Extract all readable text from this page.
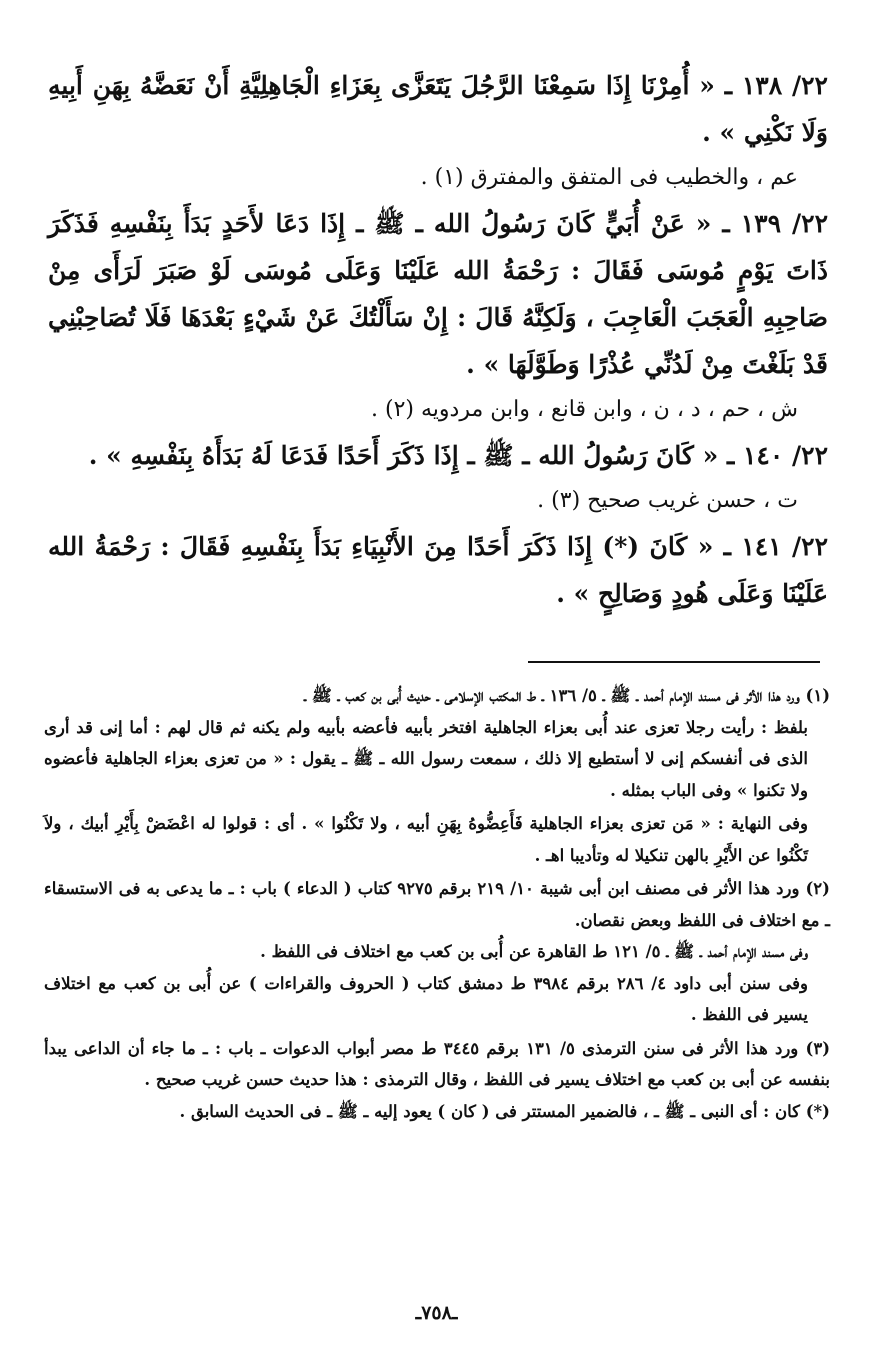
٢٢/ ١٣٨ ـ « أُمِرْنَا إِذَا سَمِعْنَا الرَّجُلَ يَتَعَزَّى بِعَزَاءِ الْجَاهِلِيَّةِ أَنْ نَعَضَّهُ بِهَنِ أَبِيهِ وَلَا نَكْنِي » .

عم ، والخطيب فى المتفق والمفترق (١) .

٢٢/ ١٣٩ ـ « عَنْ أُبَيٍّ كَانَ رَسُولُ الله ـ ﷺ ـ إِذَا دَعَا لأَحَدٍ بَدَأَ بِنَفْسِهِ فَذَكَرَ ذَاتَ يَوْمٍ مُوسَى فَقَالَ : رَحْمَةُ الله عَلَيْنَا وَعَلَى مُوسَى لَوْ صَبَرَ لَرَأَى مِنْ صَاحِبِهِ الْعَجَبَ الْعَاجِبَ ، وَلَكِنَّهُ قَالَ : إِنْ سَأَلْتُكَ عَنْ شَيْءٍ بَعْدَهَا فَلَا تُصَاحِبْنِي قَدْ بَلَغْتَ مِنْ لَدُنِّي عُذْرًا وَطَوَّلَهَا » .

ش ، حم ، د ، ن ، وابن قانع ، وابن مردويه (٢) .

٢٢/ ١٤٠ ـ « كَانَ رَسُولُ الله ـ ﷺ ـ إِذَا ذَكَرَ أَحَدًا فَدَعَا لَهُ بَدَأَهُ بِنَفْسِهِ » .

ت ، حسن غريب صحيح (٣) .

٢٢/ ١٤١ ـ « كَانَ (*) إِذَا ذَكَرَ أَحَدًا مِنَ الأَنْبِيَاءِ بَدَأَ بِنَفْسِهِ فَقَالَ : رَحْمَةُ الله عَلَيْنَا وَعَلَى هُودٍ وَصَالِحٍ » .

(١) ورد هذا الأثر فى مسند الإمام أحمد ـ ﷺ ـ ٥/ ١٣٦ ـ ط المكتب الإسلامى ـ حديث أُبى بن كعب ـ ﷺ ـ

بلفظ : رأيت رجلا تعزى عند أُبى بعزاء الجاهلية افتخر بأبيه فأعضه بأبيه ولم يكنه ثم قال لهم : أما إنى قد أرى الذى فى أنفسكم إنى لا أستطيع إلا ذلك ، سمعت رسول الله ـ ﷺ ـ يقول : « من تعزى بعزاء الجاهلية فأعضوه ولا تكنوا » وفى الباب بمثله .

وفى النهاية : « مَن تعزى بعزاء الجاهلية فَأَعِضُّوهُ بِهَنِ أبيه ، ولا تَكْنُوا » . أى : قولوا له اعْضَضْ بِأَيْرِ أبيك ، ولاَ تَكْنُوا عن الأَيْرِ بالهن تنكيلا له وتأديبا اهـ .

(٢) ورد هذا الأثر فى مصنف ابن أبى شيبة ١٠/ ٢١٩ برقم ٩٢٧٥ كتاب ( الدعاء ) باب : ـ ما يدعى به فى الاستسقاء ـ مع اختلاف فى اللفظ وبعض نقصان.

وفى مسند الإمام أحمد ـ ﷺ ـ ٥/ ١٢١ ط القاهرة عن أُبى بن كعب مع اختلاف فى اللفظ .

وفى سنن أبى داود ٤/ ٢٨٦ برقم ٣٩٨٤ ط دمشق كتاب ( الحروف والقراءات ) عن أُبى بن كعب مع اختلاف يسير فى اللفظ .

(٣) ورد هذا الأثر فى سنن الترمذى ٥/ ١٣١ برقم ٣٤٤٥ ط مصر أبواب الدعوات ـ باب : ـ ما جاء أن الداعى يبدأ بنفسه عن أبى بن كعب مع اختلاف يسير فى اللفظ ، وقال الترمذى : هذا حديث حسن غريب صحيح .

(*) كان : أى النبى ـ ﷺ ـ ، فالضمير المستتر فى ( كان ) يعود إليه ـ ﷺ ـ فى الحديث السابق .

ـ٧٥٨ـ
